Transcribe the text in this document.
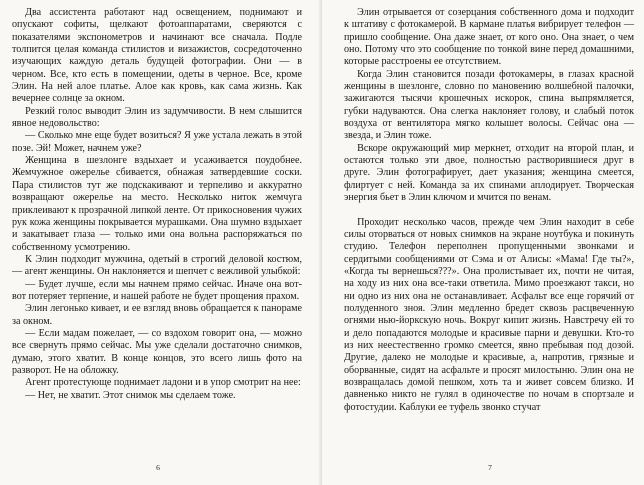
Два ассистента работают над освещением, поднимают и опускают софиты, щелкают фотоаппаратами, сверяются с показателями экспонометров и начинают все сначала. Подле толпится целая команда стилистов и визажистов, сосредоточенно изучающих каждую деталь будущей фотографии. Они — в черном. Все, кто есть в помещении, одеты в черное. Все, кроме Элин. На ней алое платье. Алое как кровь, как сама жизнь. Как вечернее солнце за окном.

Резкий голос выводит Элин из задумчивости. В нем слышится явное недовольство:

— Сколько мне еще будет возиться? Я уже устала лежать в этой позе. Эй! Может, начнем уже?

Женщина в шезлонге вздыхает и усаживается поудобнее. Жемчужное ожерелье сбивается, обнажая затвердевшие соски. Пара стилистов тут же подскакивают и терпеливо и аккуратно возвращают ожерелье на место. Несколько ниток жемчуга приклеивают к прозрачной липкой ленте. От прикосновения чужих рук кожа женщины покрывается мурашками. Она шумно вздыхает и закатывает глаза — только ими она вольна распоряжаться по собственному усмотрению.

К Элин подходит мужчина, одетый в строгий деловой костюм, — агент женщины. Он наклоняется и шепчет с вежливой улыбкой:

— Будет лучше, если мы начнем прямо сейчас. Иначе она вот-вот потеряет терпение, и нашей работе не будет прощения прахом.

Элин легонько кивает, и ее взгляд вновь обращается к панораме за окном.

— Если мадам пожелает, — со вздохом говорит она, — можно все свернуть прямо сейчас. Мы уже сделали достаточно снимков, думаю, этого хватит. В конце концов, это всего лишь фото на разворот. Не на обложку.

Агент протестующе поднимает ладони и в упор смотрит на нее:

— Нет, не хватит. Этот снимок мы сделаем тоже.

6

Элин отрывается от созерцания собственного дома и подходит к штативу с фотокамерой. В кармане платья вибрирует телефон — пришло сообщение. Она даже знает, от кого оно. Она знает, о чем оно. Потому что это сообщение по тонкой вине перед домашними, которые расстроены ее отсутствием.

Когда Элин становится позади фотокамеры, в глазах красной женщины в шезлонге, словно по мановению волшебной палочки, зажигаются тысячи крошечных искорок, спина выпрямляется, губки надуваются. Она слегка наклоняет голову, и слабый поток воздуха от вентилятора мягко колышет волосы. Сейчас она — звезда, и Элин тоже.

Вскоре окружающий мир меркнет, отходит на второй план, и остаются только эти двое, полностью растворившиеся друг в друге. Элин фотографирует, дает указания; женщина смеется, флиртует с ней. Команда за их спинами аплодирует. Творческая энергия бьет в Элин ключом и мчится по венам.

Проходит несколько часов, прежде чем Элин находит в себе силы оторваться от новых снимков на экране ноутбука и покинуть студию. Телефон переполнен пропущенными звонками и сердитыми сообщениями от Сэма и от Алисы: «Мама! Где ты?», «Когда ты вернешься???». Она пролистывает их, почти не читая, на ходу из них она все-таки ответила. Мимо проезжают такси, но ни одно из них она не останавливает. Асфальт все еще горячий от полуденного зноя. Элин медленно бредет сквозь расцвеченную огнями нью-йоркскую ночь. Вокруг кипит жизнь. Навстречу ей то и дело попадаются молодые и красивые парни и девушки. Кто-то из них неестественно громко смеется, явно пребывая под дозой. Другие, далеко не молодые и красивые, а, напротив, грязные и оборванные, сидят на асфальте и просят милостыню. Элин она не возвращалась домой пешком, хоть та и живет совсем близко. И давненько никто не гулял в одиночестве по ночам в спортзале и фотостудии. Каблуки ее туфель звонко стучат

7
